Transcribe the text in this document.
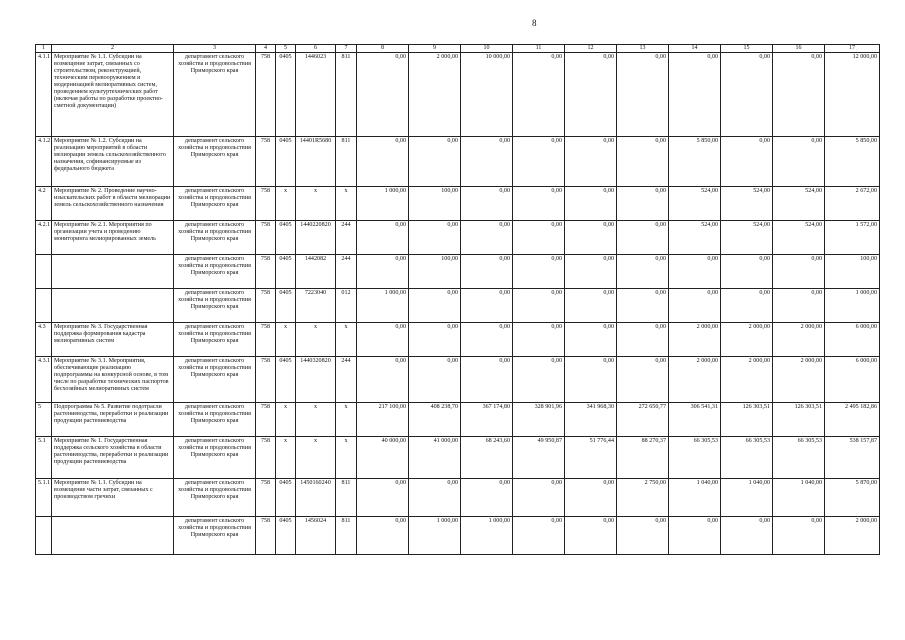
8
1	2	3	4	5	6	7	8	9	10	11	12	13	14	15	16	17
4.1.1	Мероприятие № 1.1. Субсидии на возмещение затрат, связанных со строительством, реконструкцией, техническим перевооружением и модернизацией мелиоративных систем, проведением культуртехнических работ (включая работы по разработке проектно-сметной документации)	департамент сельского хозяйства и продовольствия Приморского края	758	0405	1446023	811	0,00	2 000,00	10 000,00	0,00	0,00	0,00	0,00	0,00	0,00	12 000,00
4.1.2	Мероприятие № 1.2. Субсидии на реализацию мероприятий в области мелиорации земель сельскохозяйственного назначения, софинансируемые из федерального бюджета	департамент сельского хозяйства и продовольствия Приморского края	758	0405	14401R5680	811	0,00	0,00	0,00	0,00	0,00	0,00	5 850,00	0,00	0,00	5 850,00
4.2	Мероприятие № 2. Проведение научно-изыскательских работ в области мелиорации земель сельскохозяйственного назначения	департамент сельского хозяйства и продовольствия Приморского края	758	x	x	x	1 000,00	100,00	0,00	0,00	0,00	0,00	524,00	524,00	524,00	2 672,00
4.2.1	Мероприятие № 2.1. Мероприятия по организации учета и проведению мониторинга мелиорированных земель	департамент сельского хозяйства и продовольствия Приморского края	758	0405	1440220820	244	0,00	0,00	0,00	0,00	0,00	0,00	524,00	524,00	524,00	1 572,00
		департамент сельского хозяйства и продовольствия Приморского края	758	0405	1442082	244	0,00	100,00	0,00	0,00	0,00	0,00	0,00	0,00	0,00	100,00
		департамент сельского хозяйства и продовольствия Приморского края	758	0405	7223040	012	1 000,00	0,00	0,00	0,00	0,00	0,00	0,00	0,00	0,00	1 000,00
4.3	Мероприятие № 3. Государственная поддержка формирования кадастра мелиоративных систем	департамент сельского хозяйства и продовольствия Приморского края	758	x	x	x	0,00	0,00	0,00	0,00	0,00	0,00	2 000,00	2 000,00	2 000,00	6 000,00
4.3.1	Мероприятие № 3.1. Мероприятия, обеспечивающие реализацию подпрограммы на конкурсной основе, в том числе по разработке технических паспортов бесхозяйных мелиоративных систем	департамент сельского хозяйства и продовольствия Приморского края	758	0405	1440320820	244	0,00	0,00	0,00	0,00	0,00	0,00	2 000,00	2 000,00	2 000,00	6 000,00
5	Подпрограмма № 5. Развитие подотрасли растениеводства, переработки и реализации продукции растениеводства	департамент сельского хозяйства и продовольствия Приморского края	758	x	x	x	217 100,00	408 238,70	367 174,80	328 901,96	341 968,30	272 650,77	306 541,31	126 303,51	126 303,51	2 495 182,86
5.1	Мероприятие № 1. Государственная поддержка сельского хозяйства в области растениеводства, переработки и реализации продукции растениеводства	департамент сельского хозяйства и продовольствия Приморского края	758	x	x	x	40 000,00	41 000,00	68 243,60	49 950,87	51 776,44	88 270,37	66 305,53	66 305,53	66 305,53	538 157,87
5.1.1	Мероприятие № 1.1. Субсидии на возмещение части затрат, связанных с производством гречихи	департамент сельского хозяйства и продовольствия Приморского края	758	0405	1450160240	811	0,00	0,00	0,00	0,00	0,00	2 750,00	1 040,00	1 040,00	1 040,00	5 870,00
		департамент сельского хозяйства и продовольствия Приморского края	758	0405	1456024	811	0,00	1 000,00	1 000,00	0,00	0,00	0,00	0,00	0,00	0,00	2 000,00
